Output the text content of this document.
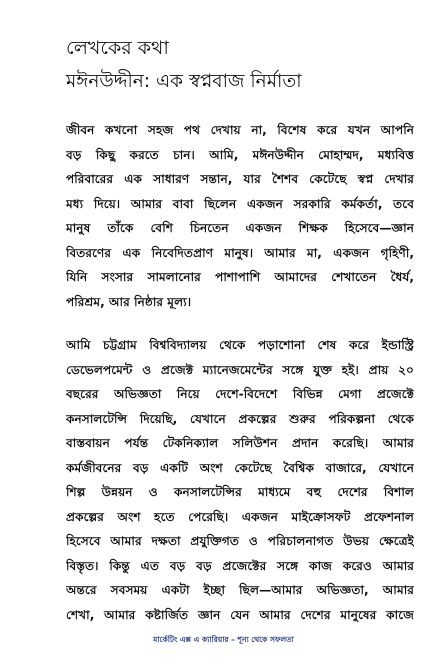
লেখকের কথা
মঈনউদ্দীন: এক স্বপ্নবাজ নির্মাতা
জীবন কখনো সহজ পথ দেখায় না, বিশেষ করে যখন আপনি
বড় কিছু করতে চান। আমি, মঈনউদ্দীন মোহাম্মদ, মধ্যবিত্ত
পরিবারের এক সাধারণ সন্তান, যার শৈশব কেটেছে স্বপ্ন দেখার
মধ্য দিয়ে। আমার বাবা ছিলেন একজন সরকারি কর্মকর্তা, তবে
মানুষ তাঁকে বেশি চিনতেন একজন শিক্ষক হিসেবে—জ্ঞান
বিতরণের এক নিবেদিতপ্রাণ মানুষ। আমার মা, একজন গৃহিণী,
যিনি সংসার সামলানোর পাশাপাশি আমাদের শেখাতেন ধৈর্য,
পরিশ্রম, আর নিষ্ঠার মূল্য।
আমি চট্টগ্রাম বিশ্ববিদ্যালয় থেকে পড়াশোনা শেষ করে ইন্ডাস্ট্রি
ডেভেলপমেন্ট ও প্রজেক্ট ম্যানেজমেন্টের সঙ্গে যুক্ত হই। প্রায় ২০
বছরের অভিজ্ঞতা নিয়ে দেশে-বিদেশে বিভিন্ন মেগা প্রজেক্টে
কনসালটেন্সি দিয়েছি, যেখানে প্রকল্পের শুরুর পরিকল্পনা থেকে
বাস্তবায়ন পর্যন্ত টেকনিক্যাল সলিউশন প্রদান করেছি। আমার
কর্মজীবনের বড় একটি অংশ কেটেছে বৈশ্বিক বাজারে, যেখানে
শিল্প উন্নয়ন ও কনসালটেন্সির মাধ্যমে বহু দেশের বিশাল
প্রকল্পের অংশ হতে পেরেছি। একজন মাইক্রোসফট প্রফেশনাল
হিসেবে আমার দক্ষতা প্রযুক্তিগত ও পরিচালনাগত উভয় ক্ষেত্রেই
বিস্তৃত। কিন্তু এত বড় বড় প্রজেক্টের সঙ্গে কাজ করেও আমার
অন্তরে সবসময় একটা ইচ্ছা ছিল—আমার অভিজ্ঞতা, আমার
শেখা, আমার কষ্টার্জিত জ্ঞান যেন আমার দেশের মানুষের কাজে
মার্কেটিং এক্স এ ক্যারিয়ার – শূন্য থেকে সফলতা
